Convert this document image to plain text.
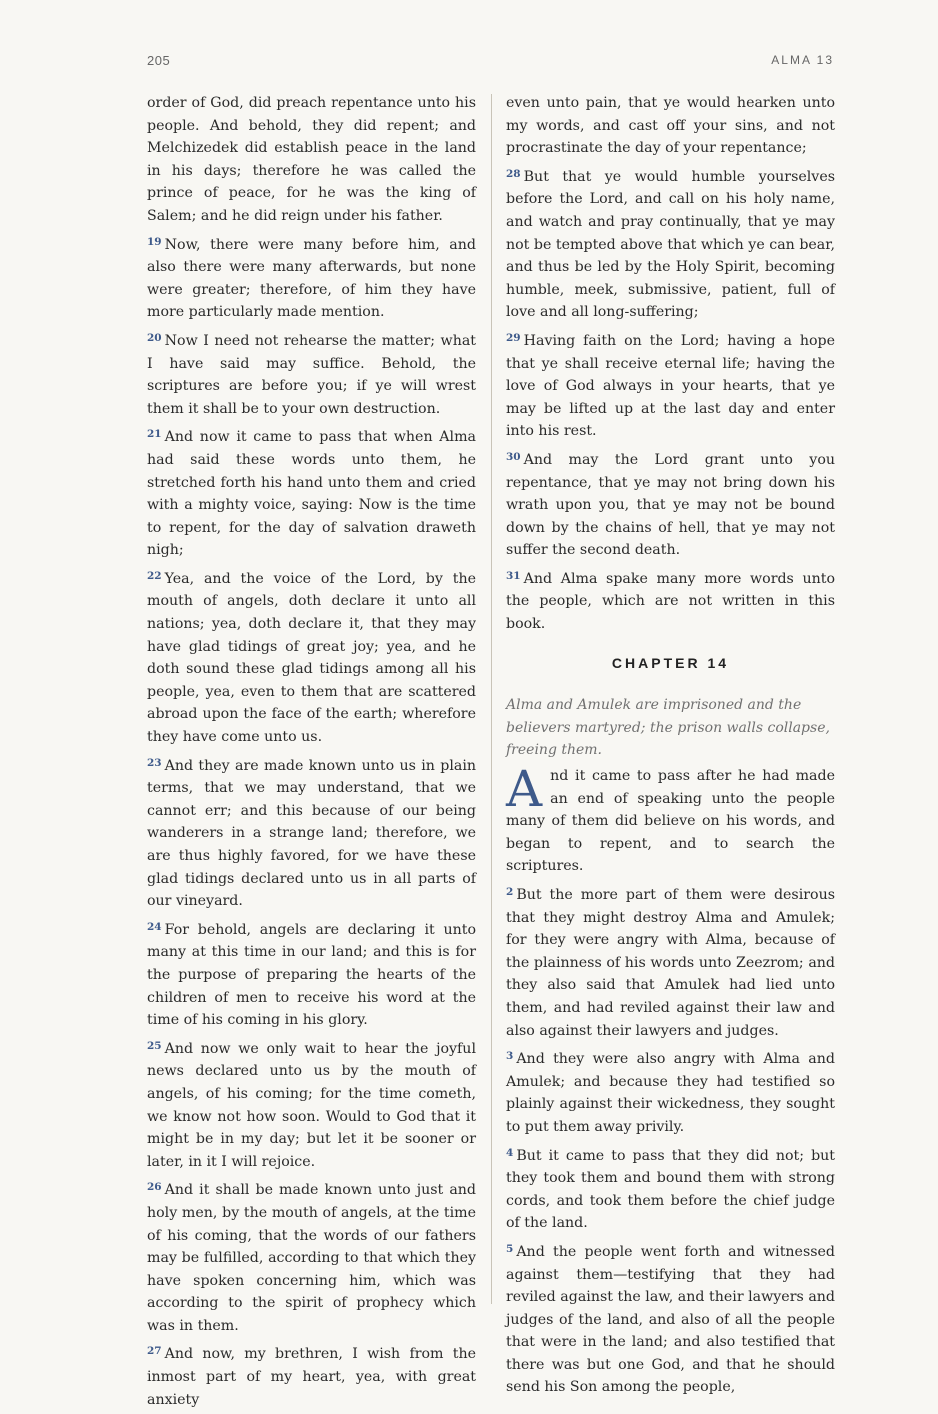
205	ALMA 13

order of God, did preach repentance unto his people. And behold, they did repent; and Melchizedek did establish peace in the land in his days; therefore he was called the prince of peace, for he was the king of Salem; and he did reign under his father.

$^{19}$ Now, there were many before him, and also there were many afterwards, but none were greater; therefore, of him they have more particularly made mention.

$^{20}$ Now I need not rehearse the matter; what I have said may suffice. Behold, the scriptures are before you; if ye will wrest them it shall be to your own destruction.

$^{21}$ And now it came to pass that when Alma had said these words unto them, he stretched forth his hand unto them and cried with a mighty voice, saying: Now is the time to repent, for the day of salvation draweth nigh;

$^{22}$ Yea, and the voice of the Lord, by the mouth of angels, doth declare it unto all nations; yea, doth declare it, that they may have glad tidings of great joy; yea, and he doth sound these glad tidings among all his people, yea, even to them that are scattered abroad upon the face of the earth; wherefore they have come unto us.

$^{23}$ And they are made known unto us in plain terms, that we may understand, that we cannot err; and this because of our being wanderers in a strange land; therefore, we are thus highly favored, for we have these glad tidings declared unto us in all parts of our vineyard.

$^{24}$ For behold, angels are declaring it unto many at this time in our land; and this is for the purpose of preparing the hearts of the children of men to receive his word at the time of his coming in his glory.

$^{25}$ And now we only wait to hear the joyful news declared unto us by the mouth of angels, of his coming; for the time cometh, we know not how soon. Would to God that it might be in my day; but let it be sooner or later, in it I will rejoice.

$^{26}$ And it shall be made known unto just and holy men, by the mouth of angels, at the time of his coming, that the words of our fathers may be fulfilled, according to that which they have spoken concerning him, which was according to the spirit of prophecy which was in them.

$^{27}$ And now, my brethren, I wish from the inmost part of my heart, yea, with great anxiety

even unto pain, that ye would hearken unto my words, and cast off your sins, and not procrastinate the day of your repentance;

$^{28}$ But that ye would humble yourselves before the Lord, and call on his holy name, and watch and pray continually, that ye may not be tempted above that which ye can bear, and thus be led by the Holy Spirit, becoming humble, meek, submissive, patient, full of love and all long-suffering;

$^{29}$ Having faith on the Lord; having a hope that ye shall receive eternal life; having the love of God always in your hearts, that ye may be lifted up at the last day and enter into his rest.

$^{30}$ And may the Lord grant unto you repentance, that ye may not bring down his wrath upon you, that ye may not be bound down by the chains of hell, that ye may not suffer the second death.

$^{31}$ And Alma spake many more words unto the people, which are not written in this book.

CHAPTER 14

Alma and Amulek are imprisoned and the believers martyred; the prison walls collapse, freeing them.

And it came to pass after he had made an end of speaking unto the people many of them did believe on his words, and began to repent, and to search the scriptures.

$^2$ But the more part of them were desirous that they might destroy Alma and Amulek; for they were angry with Alma, because of the plainness of his words unto Zeezrom; and they also said that Amulek had lied unto them, and had reviled against their law and also against their lawyers and judges.

$^3$ And they were also angry with Alma and Amulek; and because they had testified so plainly against their wickedness, they sought to put them away privily.

$^4$ But it came to pass that they did not; but they took them and bound them with strong cords, and took them before the chief judge of the land.

$^5$ And the people went forth and witnessed against them—testifying that they had reviled against the law, and their lawyers and judges of the land, and also of all the people that were in the land; and also testified that there was but one God, and that he should send his Son among the people,
